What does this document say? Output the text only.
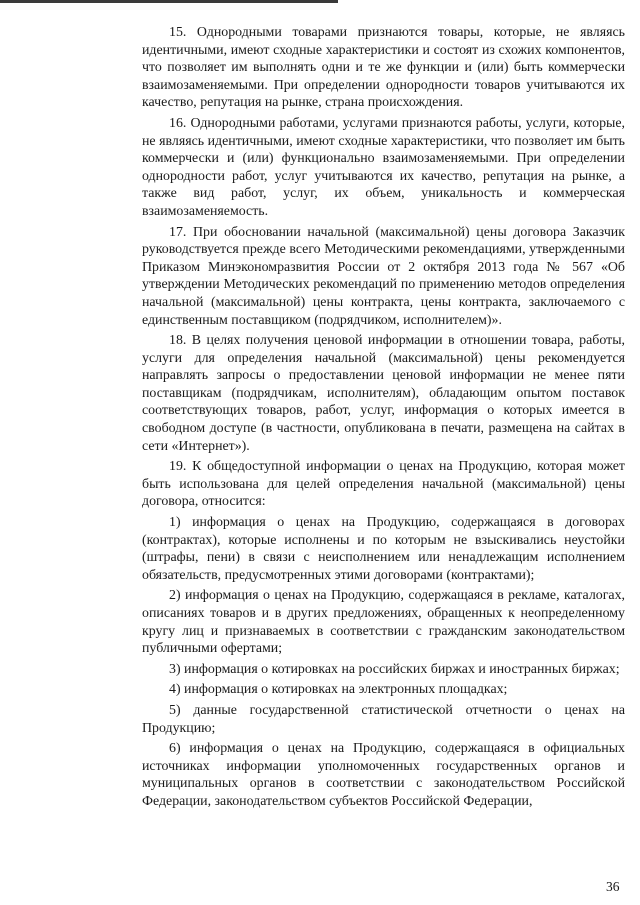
15. Однородными товарами признаются товары, которые, не являясь идентичными, имеют сходные характеристики и состоят из схожих компонентов, что позволяет им выполнять одни и те же функции и (или) быть коммерчески взаимозаменяемыми. При определении однородности товаров учитываются их качество, репутация на рынке, страна происхождения.

16. Однородными работами, услугами признаются работы, услуги, которые, не являясь идентичными, имеют сходные характеристики, что позволяет им быть коммерчески и (или) функционально взаимозаменяемыми. При определении однородности работ, услуг учитываются их качество, репутация на рынке, а также вид работ, услуг, их объем, уникальность и коммерческая взаимозаменяемость.

17. При обосновании начальной (максимальной) цены договора Заказчик руководствуется прежде всего Методическими рекомендациями, утвержденными Приказом Минэкономразвития России от 2 октября 2013 года № 567 «Об утверждении Методических рекомендаций по применению методов определения начальной (максимальной) цены контракта, цены контракта, заключаемого с единственным поставщиком (подрядчиком, исполнителем)».

18. В целях получения ценовой информации в отношении товара, работы, услуги для определения начальной (максимальной) цены рекомендуется направлять запросы о предоставлении ценовой информации не менее пяти поставщикам (подрядчикам, исполнителям), обладающим опытом поставок соответствующих товаров, работ, услуг, информация о которых имеется в свободном доступе (в частности, опубликована в печати, размещена на сайтах в сети «Интернет»).

19. К общедоступной информации о ценах на Продукцию, которая может быть использована для целей определения начальной (максимальной) цены договора, относится:

1) информация о ценах на Продукцию, содержащаяся в договорах (контрактах), которые исполнены и по которым не взыскивались неустойки (штрафы, пени) в связи с неисполнением или ненадлежащим исполнением обязательств, предусмотренных этими договорами (контрактами);

2) информация о ценах на Продукцию, содержащаяся в рекламе, каталогах, описаниях товаров и в других предложениях, обращенных к неопределенному кругу лиц и признаваемых в соответствии с гражданским законодательством публичными офертами;

3) информация о котировках на российских биржах и иностранных биржах;

4) информация о котировках на электронных площадках;

5) данные государственной статистической отчетности о ценах на Продукцию;

6) информация о ценах на Продукцию, содержащаяся в официальных источниках информации уполномоченных государственных органов и муниципальных органов в соответствии с законодательством Российской Федерации, законодательством субъектов Российской Федерации,

36
